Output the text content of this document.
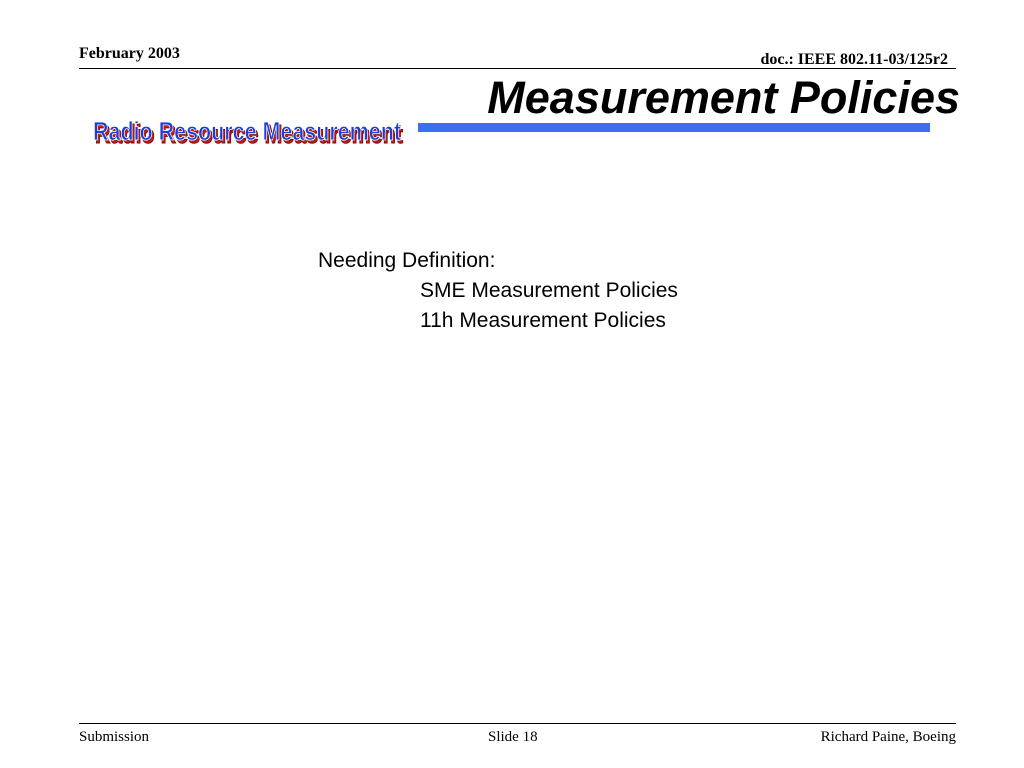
February 2003	doc.: IEEE 802.11-03/125r2
Radio Resource Measurement
Radio Resource Measurement
Measurement Policies
Needing Definition:
SME Measurement Policies
11h Measurement Policies
Submission	Slide 18	Richard Paine, Boeing
